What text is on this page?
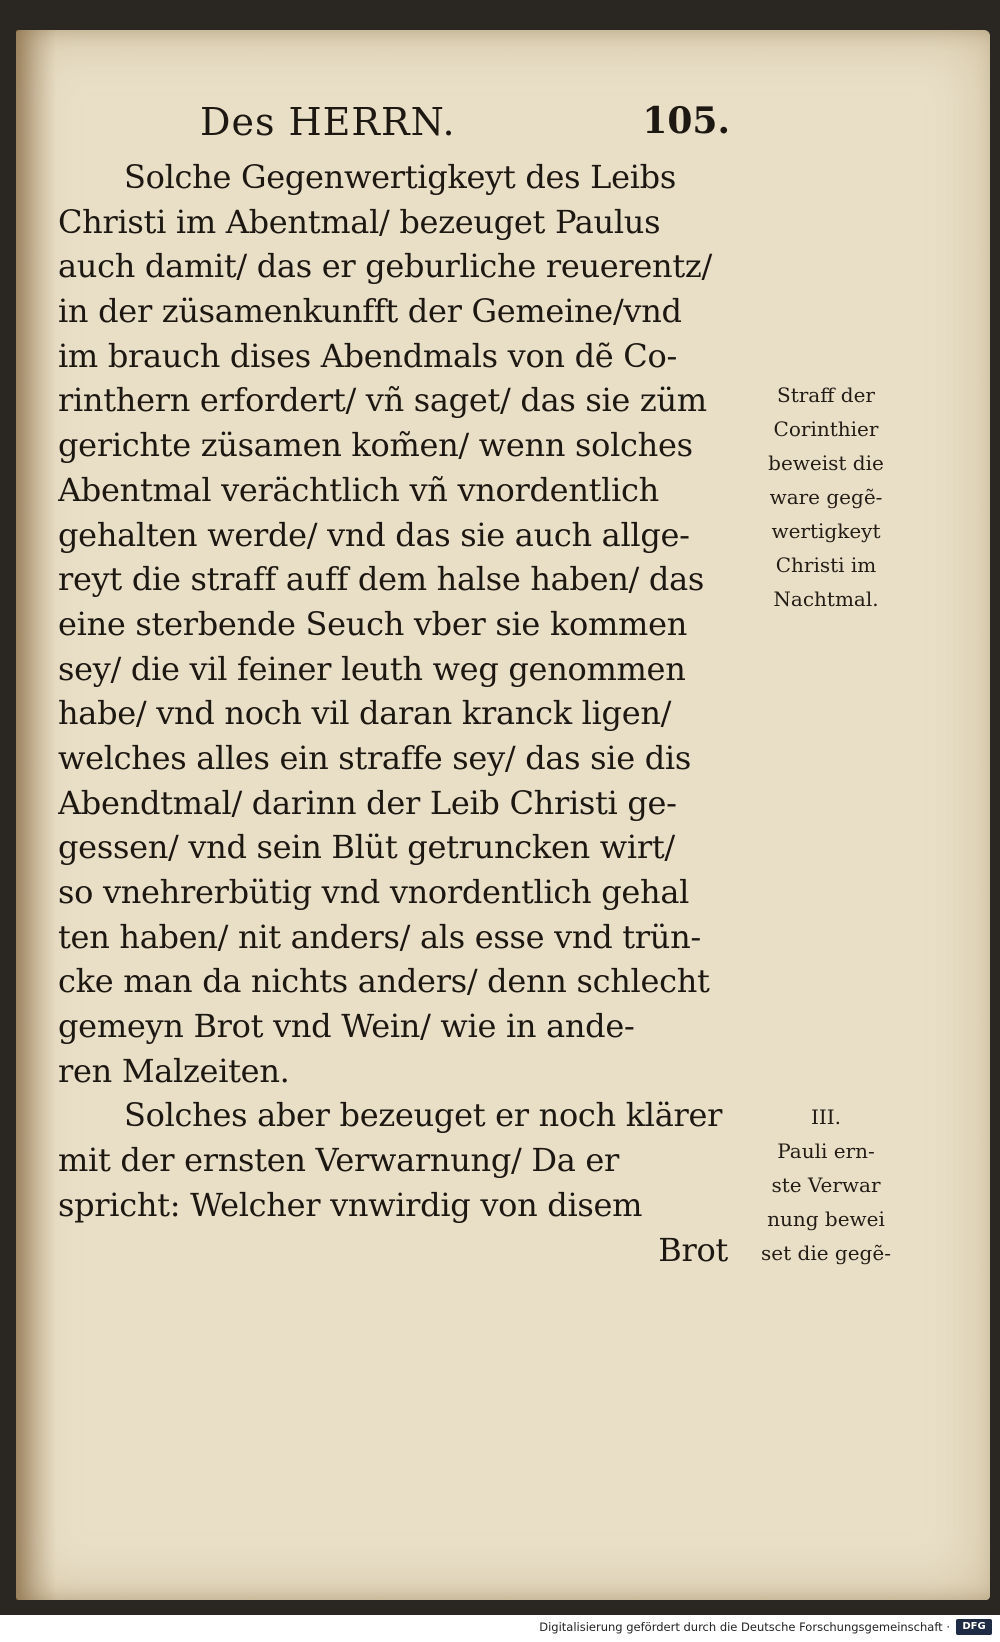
Des HERRN.	105.
Solche Gegenwertigkeyt des Leibs
Christi im Abentmal/ bezeuget Paulus
auch damit/ das er geburliche reuerentz/
in der züsamenkunfft der Gemeine/vnd
im brauch dises Abendmals von dẽ Co-
rinthern erfordert/ vñ saget/ das sie züm
gerichte züsamen kom̃en/ wenn solches
Abentmal verächtlich vñ vnordentlich
gehalten werde/ vnd das sie auch allge-
reyt die straff auff dem halse haben/ das
eine sterbende Seuch vber sie kommen
sey/ die vil feiner leuth weg genommen
habe/ vnd noch vil daran kranck ligen/
welches alles ein straffe sey/ das sie dis
Abendtmal/ darinn der Leib Christi ge-
gessen/ vnd sein Blüt getruncken wirt/
so vnehrerbütig vnd vnordentlich gehal
ten haben/ nit anders/ als esse vnd trün-
cke man da nichts anders/ denn schlecht
gemeyn Brot vnd Wein/ wie in ande-
ren Malzeiten.
Solches aber bezeuget er noch klärer
mit der ernsten Verwarnung/ Da er
spricht: Welcher vnwirdig von disem
Brot
Straff der
Corinthier
beweist die
ware gegẽ-
wertigkeyt
Christi im
Nachtmal.
III.
Pauli ern-
ste Verwar
nung bewei
set die gegẽ-
Digitalisierung gefördert durch die Deutsche Forschungsgemeinschaft ·	DFG
